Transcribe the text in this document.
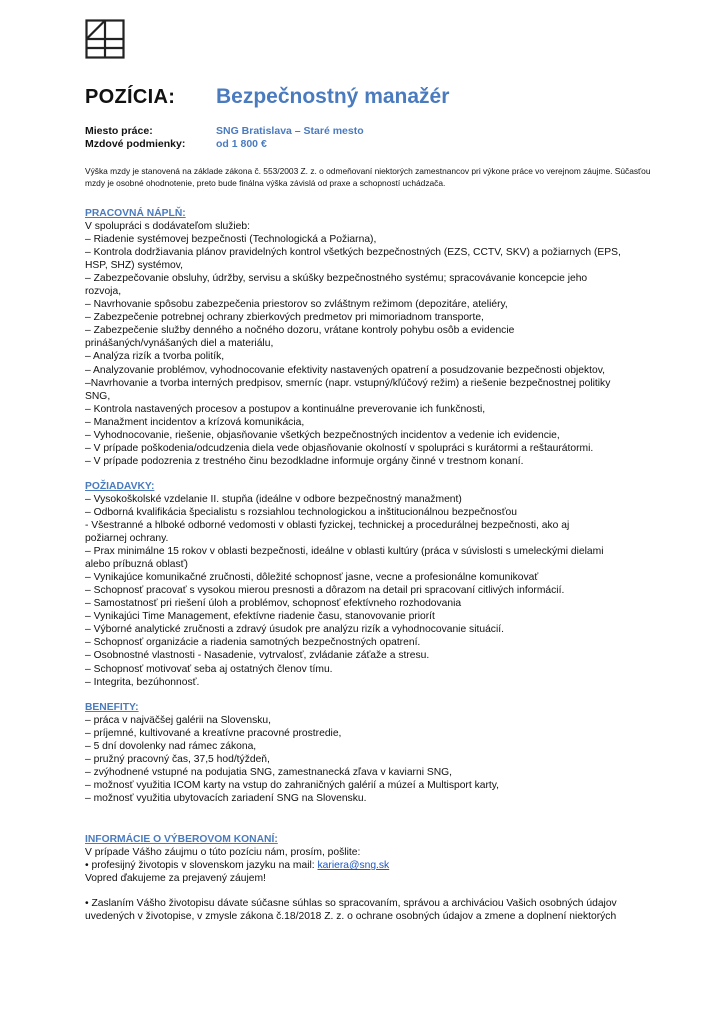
POZÍCIA: Bezpečnostný manažér
Miesto práce:	SNG Bratislava – Staré mesto
Mzdové podmienky:	od 1 800 €
Výška mzdy je stanovená na základe zákona č. 553/2003 Z. z. o odmeňovaní niektorých zamestnancov pri výkone práce vo verejnom záujme. Súčasťou mzdy je osobné ohodnotenie, preto bude finálna výška závislá od praxe a schopností uchádzača.
PRACOVNÁ NÁPLŇ:
V spolupráci s dodávateľom služieb:
– Riadenie systémovej bezpečnosti (Technologická a Požiarna),
– Kontrola dodržiavania plánov pravidelných kontrol všetkých bezpečnostných (EZS, CCTV, SKV) a požiarnych (EPS,
HSP, SHZ) systémov,
– Zabezpečovanie obsluhy, údržby, servisu a skúšky bezpečnostného systému; spracovávanie koncepcie jeho
rozvoja,
– Navrhovanie spôsobu zabezpečenia priestorov so zvláštnym režimom (depozitáre, ateliéry,
– Zabezpečenie potrebnej ochrany zbierkových predmetov pri mimoriadnom transporte,
– Zabezpečenie služby denného a nočného dozoru, vrátane kontroly pohybu osôb a evidencie
prinášaných/vynášaných diel a materiálu,
– Analýza rizík a tvorba politík,
– Analyzovanie problémov, vyhodnocovanie efektivity nastavených opatrení a posudzovanie bezpečnosti objektov,
–Navrhovanie a tvorba interných predpisov, smerníc (napr. vstupný/kľúčový režim) a riešenie bezpečnostnej politiky
SNG,
– Kontrola nastavených procesov a postupov a kontinuálne preverovanie ich funkčnosti,
– Manažment incidentov a krízová komunikácia,
– Vyhodnocovanie, riešenie, objasňovanie všetkých bezpečnostných incidentov a vedenie ich evidencie,
– V prípade poškodenia/odcudzenia diela vede objasňovanie okolností v spolupráci s kurátormi a reštaurátormi.
– V prípade podozrenia z trestného činu bezodkladne informuje orgány činné v trestnom konaní.
POŽIADAVKY:
– Vysokoškolské vzdelanie II. stupňa (ideálne v odbore bezpečnostný manažment)
– Odborná kvalifikácia špecialistu s rozsiahlou technologickou a inštitucionálnou bezpečnosťou
- Všestranné a hlboké odborné vedomosti v oblasti fyzickej, technickej a procedurálnej bezpečnosti, ako aj
požiarnej ochrany.
– Prax minimálne 15 rokov v oblasti bezpečnosti, ideálne v oblasti kultúry (práca v súvislosti s umeleckými dielami
alebo príbuzná oblasť)
– Vynikajúce komunikačné zručnosti, dôležité schopnosť jasne, vecne a profesionálne komunikovať
– Schopnosť pracovať s vysokou mierou presnosti a dôrazom na detail pri spracovaní citlivých informácií.
– Samostatnosť pri riešení úloh a problémov, schopnosť efektívneho rozhodovania
– Vynikajúci Time Management, efektívne riadenie času, stanovovanie priorít
– Výborné analytické zručnosti a zdravý úsudok pre analýzu rizík a vyhodnocovanie situácií.
– Schopnosť organizácie a riadenia samotných bezpečnostných opatrení.
– Osobnostné vlastnosti - Nasadenie, vytrvalosť, zvládanie záťaže a stresu.
– Schopnosť motivovať seba aj ostatných členov tímu.
– Integrita, bezúhonnosť.
BENEFITY:
– práca v najväčšej galérii na Slovensku,
– príjemné, kultivované a kreatívne pracovné prostredie,
– 5 dní dovolenky nad rámec zákona,
– pružný pracovný čas, 37,5 hod/týždeň,
– zvýhodnené vstupné na podujatia SNG, zamestnanecká zľava v kaviarni SNG,
– možnosť využitia ICOM karty na vstup do zahraničných galérií a múzeí a Multisport karty,
– možnosť využitia ubytovacích zariadení SNG na Slovensku.
INFORMÁCIE O VÝBEROVOM KONANÍ:
V prípade Vášho záujmu o túto pozíciu nám, prosím, pošlite:
• profesijný životopis v slovenskom jazyku na mail: kariera@sng.sk
Vopred ďakujeme za prejavený záujem!
• Zaslaním Vášho životopisu dávate súčasne súhlas so spracovaním, správou a archiváciou Vašich osobných údajov
uvedených v životopise, v zmysle zákona č.18/2018 Z. z. o ochrane osobných údajov a zmene a doplnení niektorých
